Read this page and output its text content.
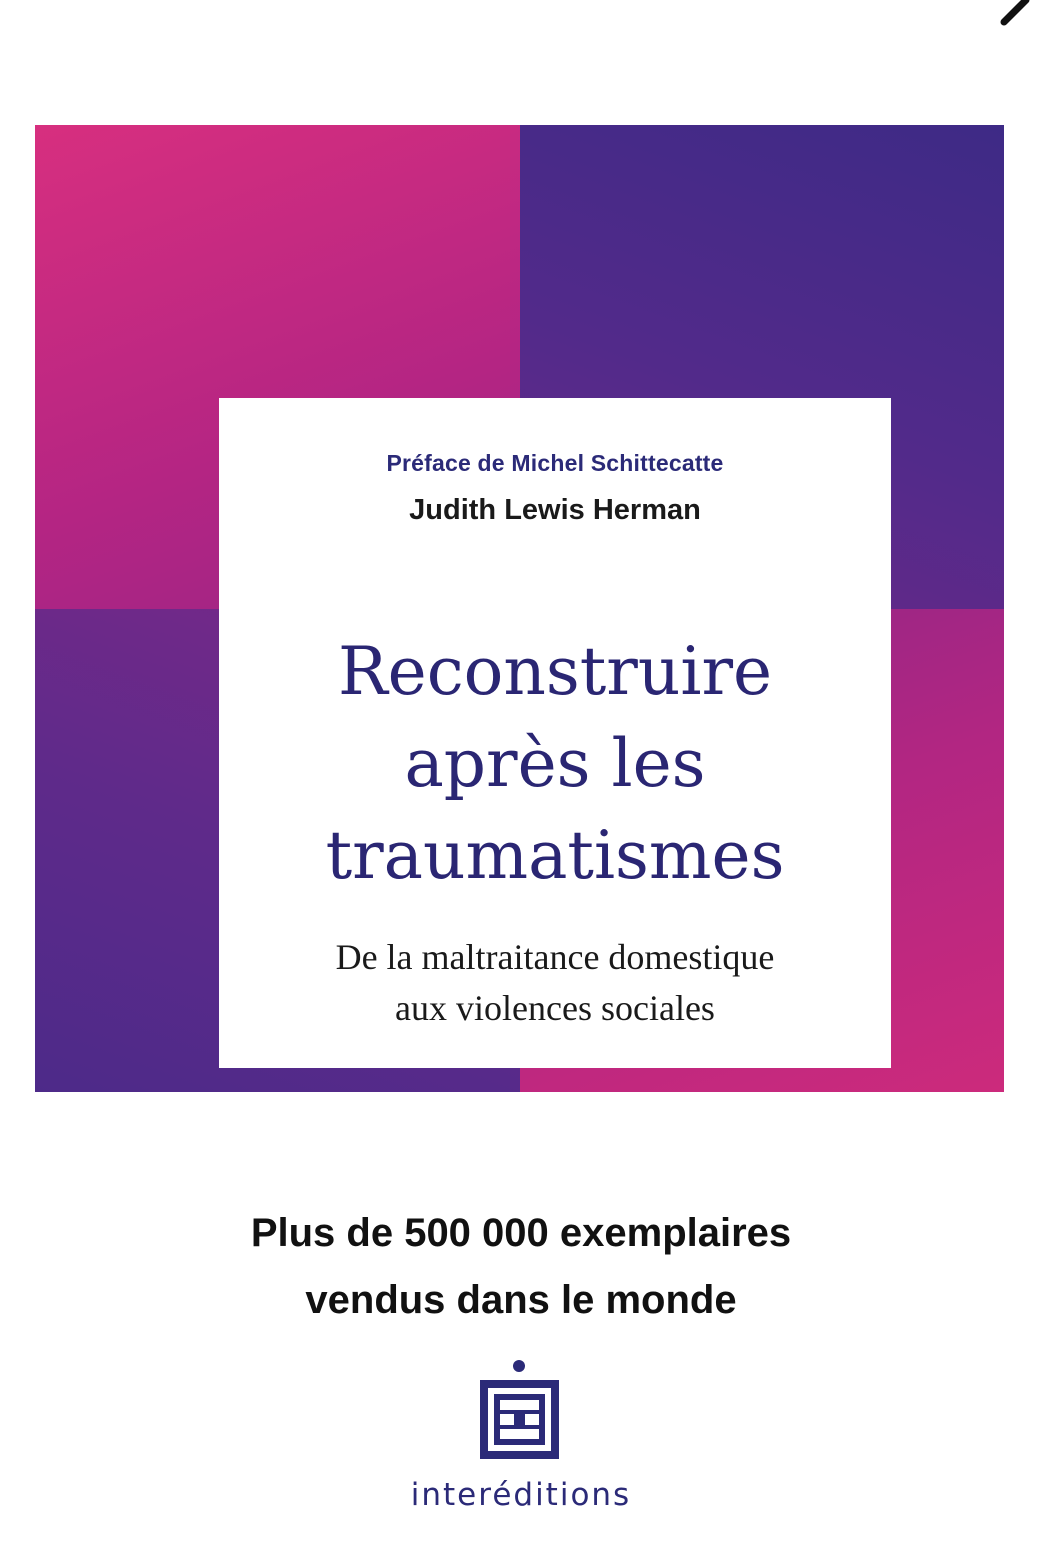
Préface de Michel Schittecatte
Judith Lewis Herman
Reconstruire
après les
traumatismes
De la maltraitance domestique
aux violences sociales
Plus de 500 000 exemplaires
vendus dans le monde
interéditions
